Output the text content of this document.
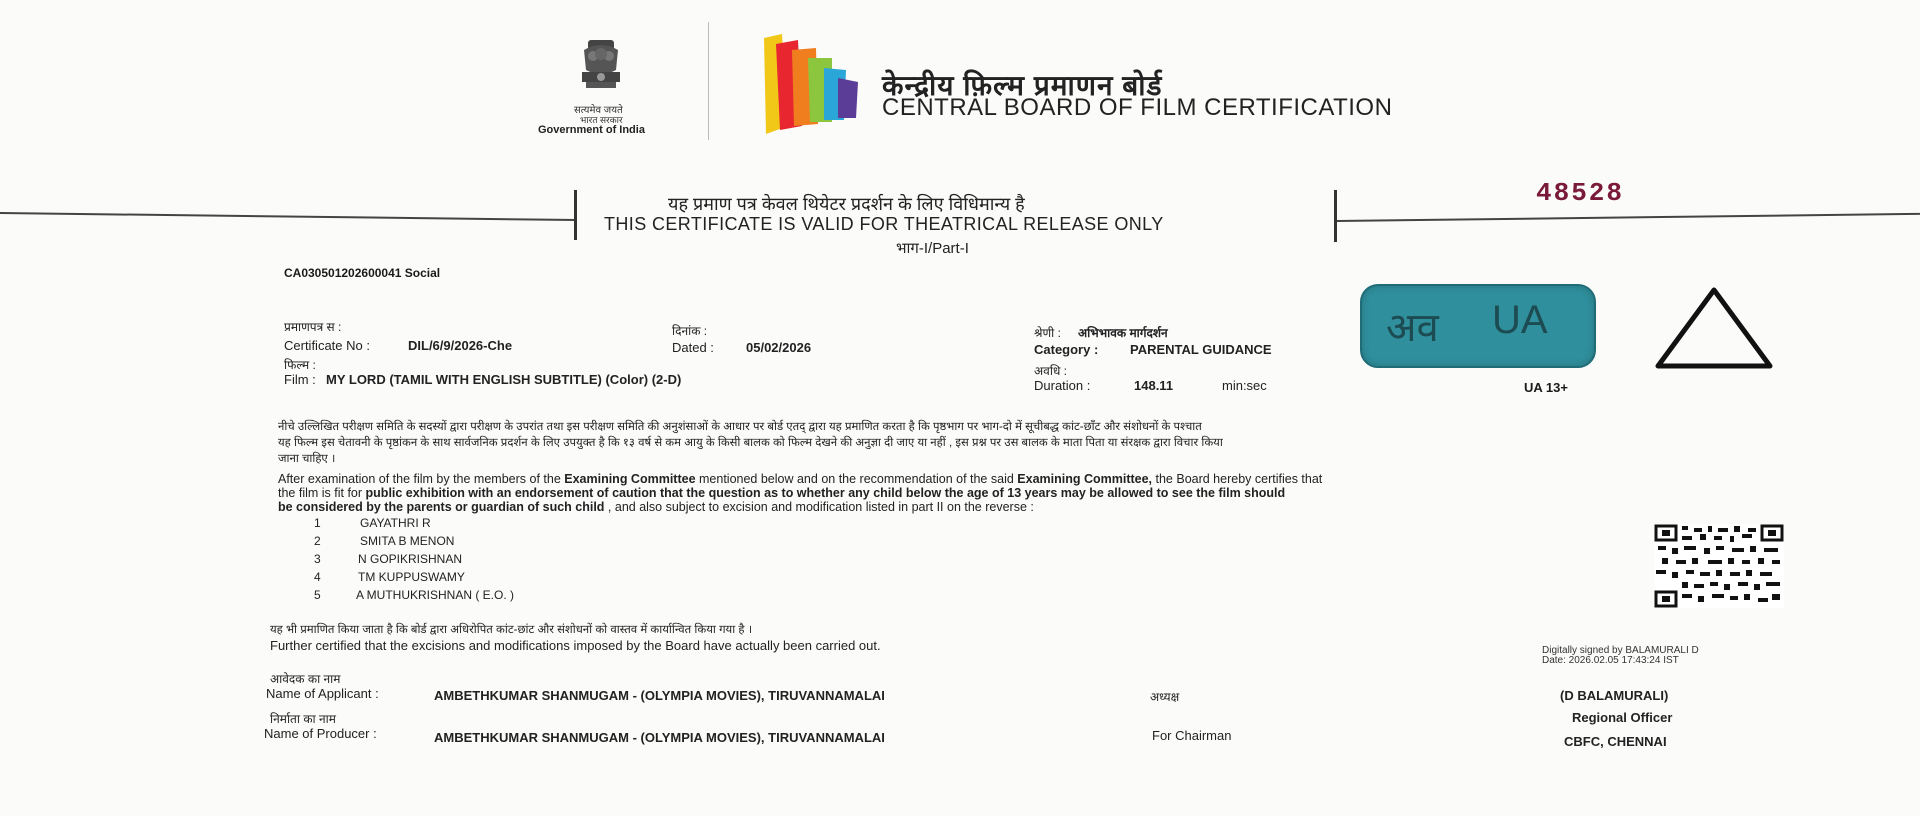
सत्यमेव जयते
भारत सरकार
Government of India
केन्द्रीय फ़िल्म प्रमाणन बोर्ड
CENTRAL BOARD OF FILM CERTIFICATION
यह प्रमाण पत्र केवल थियेटर प्रदर्शन के लिए विधिमान्य है
THIS CERTIFICATE IS VALID FOR THEATRICAL RELEASE ONLY
भाग-I/Part-I
48528
CA030501202600041 Social
प्रमाणपत्र स :
Certificate No :	DIL/6/9/2026-Che
दिनांक :
Dated : 05/02/2026
फिल्म :
Film : MY LORD (TAMIL WITH ENGLISH SUBTITLE) (Color) (2-D)
श्रेणी : अभिभावक मार्गदर्शन
Category : PARENTAL GUIDANCE
अवधि :
Duration :	148.11	min:sec
अव UA
UA 13+
नीचे उल्लिखित परीक्षण समिति के सदस्यों द्वारा परीक्षण के उपरांत तथा इस परीक्षण समिति की अनुशंसाओं के आधार पर बोर्ड एतद् द्वारा यह प्रमाणित करता है कि पृष्ठभाग पर भाग-दो में सूचीबद्ध कांट-छाँट और संशोधनों के पश्चात
यह फिल्म इस चेतावनी के पृष्ठांकन के साथ सार्वजनिक प्रदर्शन के लिए उपयुक्त है कि १३ वर्ष से कम आयु के किसी बालक को फिल्म देखने की अनुज्ञा दी जाए या नहीं , इस प्रश्न पर उस बालक के माता पिता या संरक्षक द्वारा विचार किया
जाना चाहिए ।
After examination of the film by the members of the Examining Committee mentioned below and on the recommendation of the said Examining Committee, the Board hereby certifies that
the film is fit for public exhibition with an endorsement of caution that the question as to whether any child below the age of 13 years may be allowed to see the film should
be considered by the parents or guardian of such child , and also subject to excision and modification listed in part II on the reverse :
1	GAYATHRI R
2	SMITA B MENON
3	N GOPIKRISHNAN
4	TM KUPPUSWAMY
5	A MUTHUKRISHNAN ( E.O. )
यह भी प्रमाणित किया जाता है कि बोर्ड द्वारा अधिरोपित कांट-छांट और संशोधनों को वास्तव में कार्यान्वित किया गया है ।
Further certified that the excisions and modifications imposed by the Board have actually been carried out.	Digitally signed by BALAMURALI D
Date: 2026.02.05 17:43:24 IST
आवेदक का नाम
Name of Applicant :	AMBETHKUMAR SHANMUGAM - (OLYMPIA MOVIES), TIRUVANNAMALAI	अध्यक्ष	(D BALAMURALI)
निर्माता का नाम
Name of Producer :	AMBETHKUMAR SHANMUGAM - (OLYMPIA MOVIES), TIRUVANNAMALAI	For Chairman
Regional Officer
CBFC, CHENNAI
